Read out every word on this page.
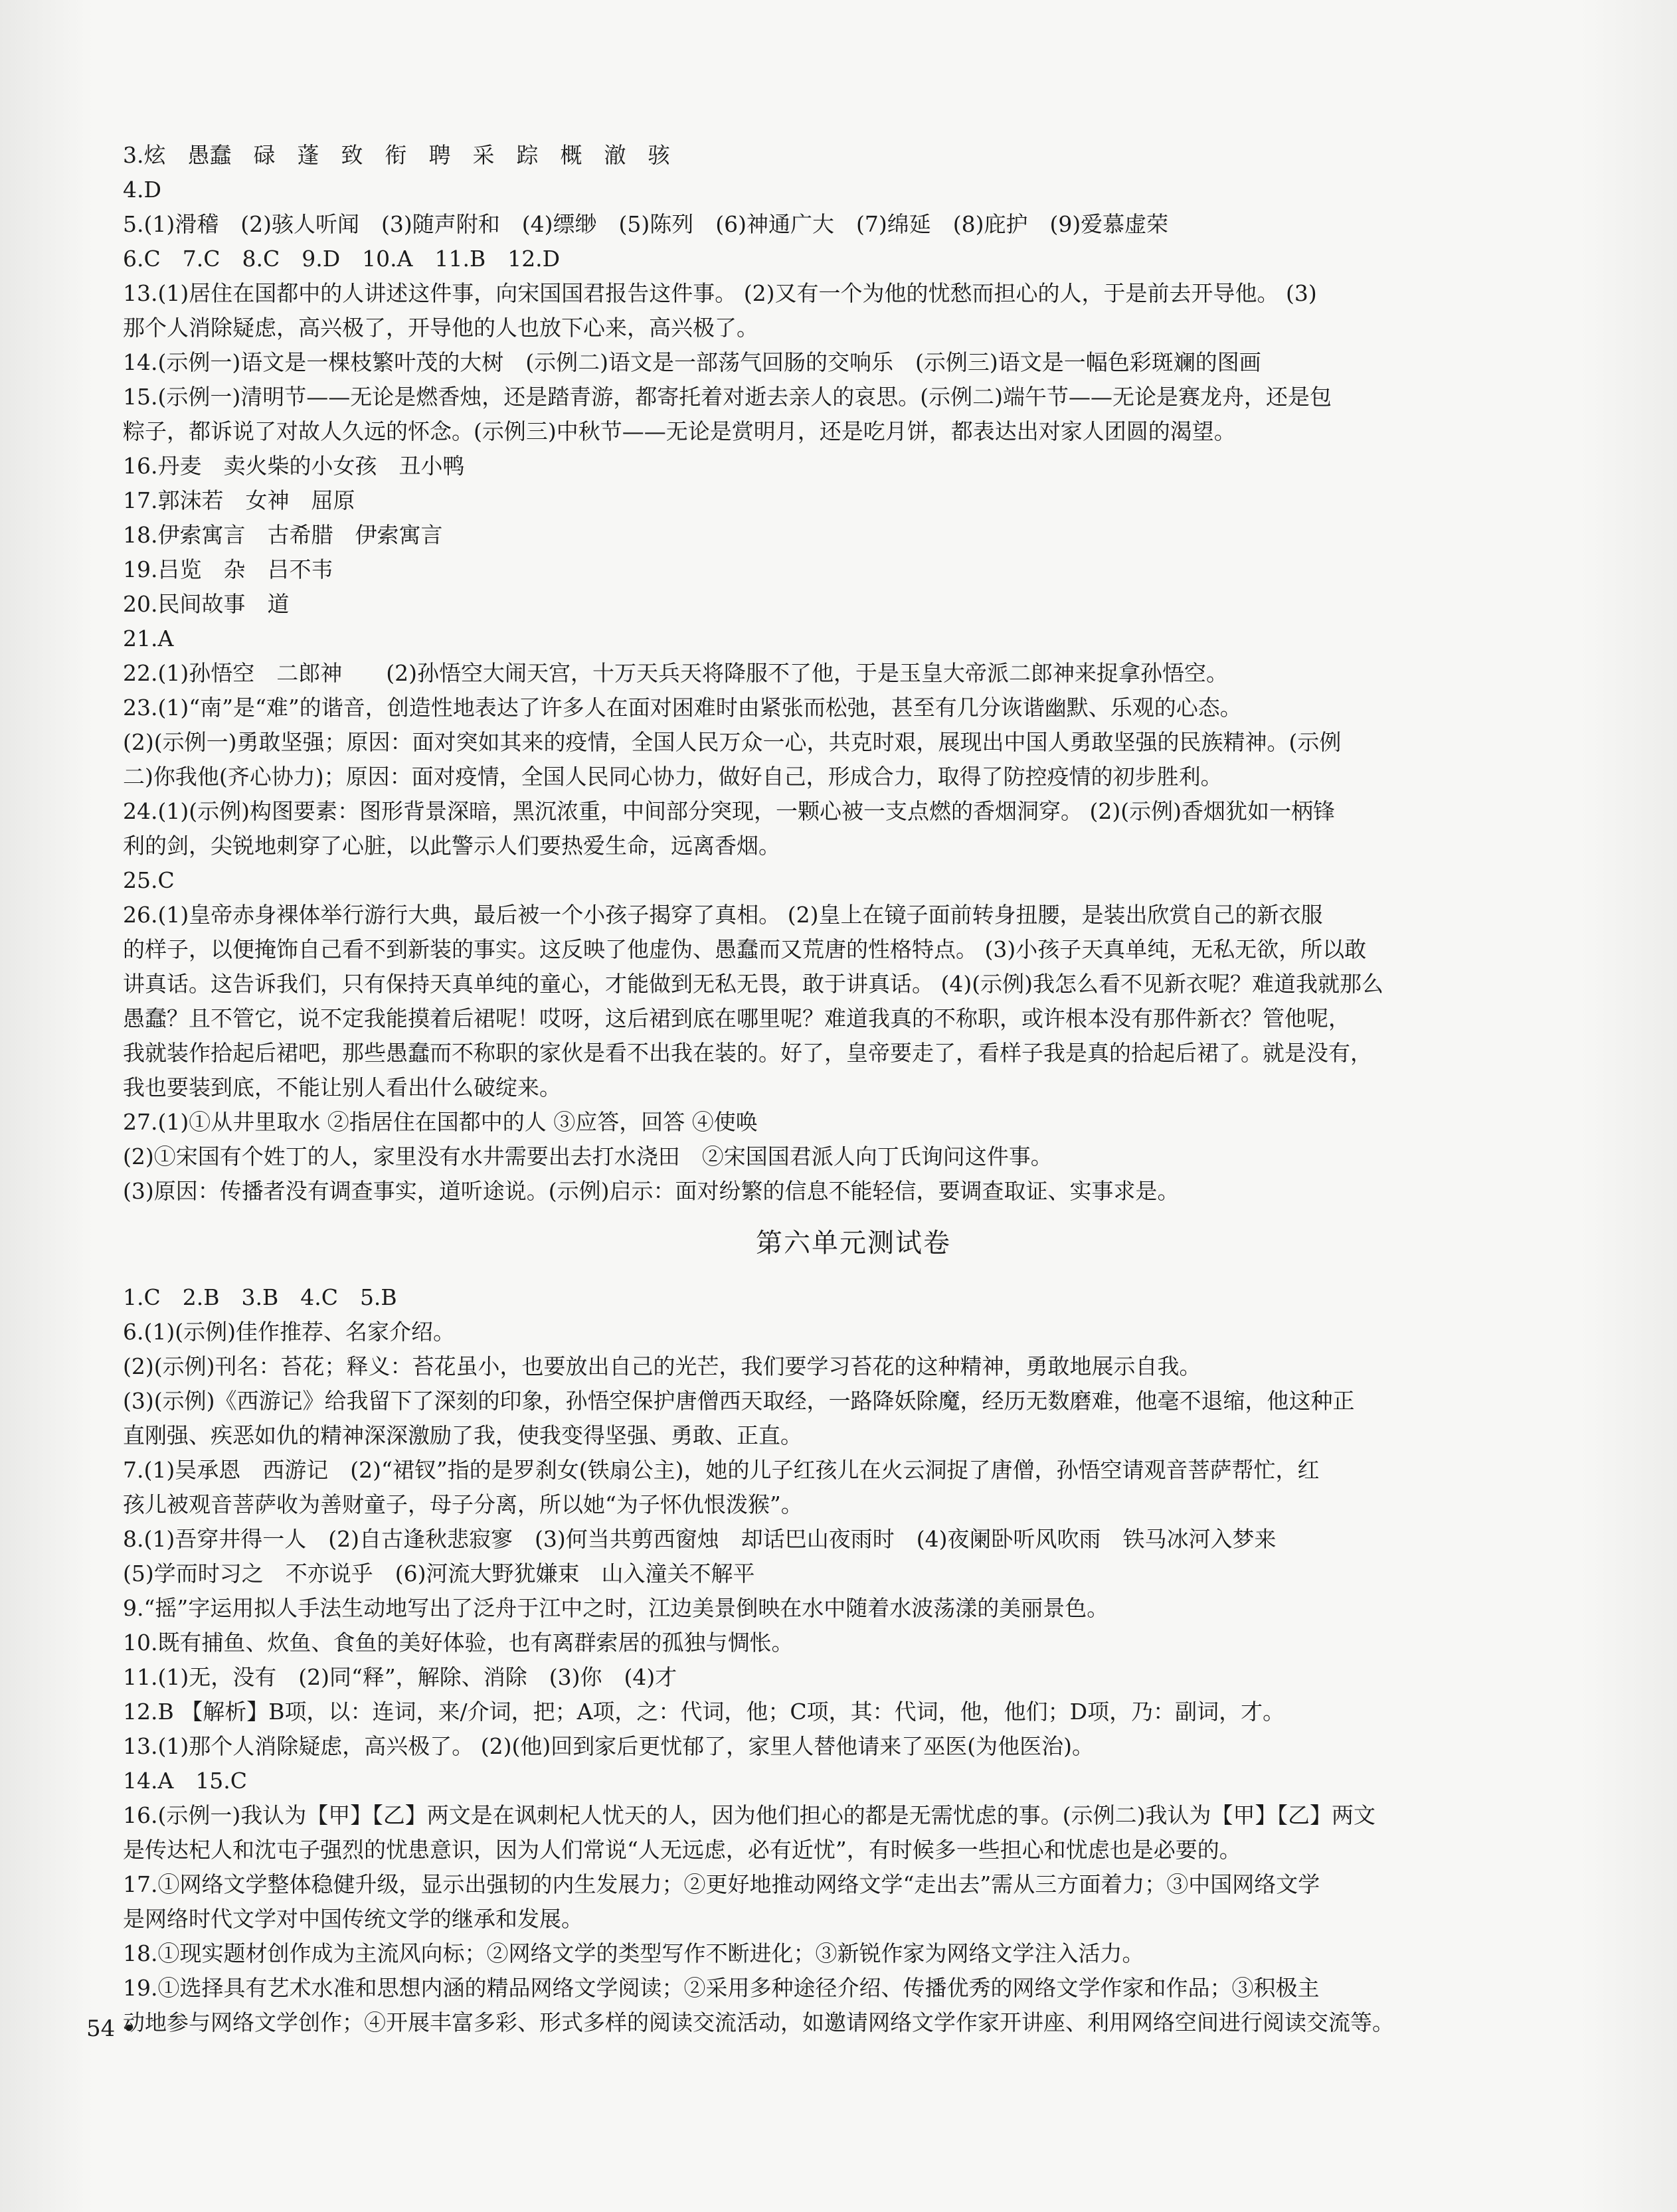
3.炫　愚蠢　碌　蓬　致　衔　聘　采　踪　概　澈　骇
4.D
5.(1)滑稽　(2)骇人听闻　(3)随声附和　(4)缥缈　(5)陈列　(6)神通广大　(7)绵延　(8)庇护　(9)爱慕虚荣
6.C　7.C　8.C　9.D　10.A　11.B　12.D
13.(1)居住在国都中的人讲述这件事，向宋国国君报告这件事。 (2)又有一个为他的忧愁而担心的人，于是前去开导他。 (3)
那个人消除疑虑，高兴极了，开导他的人也放下心来，高兴极了。
14.(示例一)语文是一棵枝繁叶茂的大树　(示例二)语文是一部荡气回肠的交响乐　(示例三)语文是一幅色彩斑斓的图画
15.(示例一)清明节——无论是燃香烛，还是踏青游，都寄托着对逝去亲人的哀思。(示例二)端午节——无论是赛龙舟，还是包
粽子，都诉说了对故人久远的怀念。(示例三)中秋节——无论是赏明月，还是吃月饼，都表达出对家人团圆的渴望。
16.丹麦　卖火柴的小女孩　丑小鸭
17.郭沫若　女神　屈原
18.伊索寓言　古希腊　伊索寓言
19.吕览　杂　吕不韦
20.民间故事　道
21.A
22.(1)孙悟空　二郎神　　(2)孙悟空大闹天宫，十万天兵天将降服不了他，于是玉皇大帝派二郎神来捉拿孙悟空。
23.(1)“南”是“难”的谐音，创造性地表达了许多人在面对困难时由紧张而松弛，甚至有几分诙谐幽默、乐观的心态。
(2)(示例一)勇敢坚强；原因：面对突如其来的疫情，全国人民万众一心，共克时艰，展现出中国人勇敢坚强的民族精神。(示例
二)你我他(齐心协力)；原因：面对疫情，全国人民同心协力，做好自己，形成合力，取得了防控疫情的初步胜利。
24.(1)(示例)构图要素：图形背景深暗，黑沉浓重，中间部分突现，一颗心被一支点燃的香烟洞穿。 (2)(示例)香烟犹如一柄锋
利的剑，尖锐地刺穿了心脏，以此警示人们要热爱生命，远离香烟。
25.C
26.(1)皇帝赤身裸体举行游行大典，最后被一个小孩子揭穿了真相。 (2)皇上在镜子面前转身扭腰，是装出欣赏自己的新衣服
的样子，以便掩饰自己看不到新装的事实。这反映了他虚伪、愚蠢而又荒唐的性格特点。 (3)小孩子天真单纯，无私无欲，所以敢
讲真话。这告诉我们，只有保持天真单纯的童心，才能做到无私无畏，敢于讲真话。 (4)(示例)我怎么看不见新衣呢？难道我就那么
愚蠢？且不管它，说不定我能摸着后裙呢！哎呀，这后裙到底在哪里呢？难道我真的不称职，或许根本没有那件新衣？管他呢，
我就装作拾起后裙吧，那些愚蠢而不称职的家伙是看不出我在装的。好了，皇帝要走了，看样子我是真的拾起后裙了。就是没有，
我也要装到底，不能让别人看出什么破绽来。
27.(1)①从井里取水 ②指居住在国都中的人 ③应答，回答 ④使唤
(2)①宋国有个姓丁的人，家里没有水井需要出去打水浇田　②宋国国君派人向丁氏询问这件事。
(3)原因：传播者没有调查事实，道听途说。(示例)启示：面对纷繁的信息不能轻信，要调查取证、实事求是。
第六单元测试卷
1.C　2.B　3.B　4.C　5.B
6.(1)(示例)佳作推荐、名家介绍。
(2)(示例)刊名：苔花；释义：苔花虽小，也要放出自己的光芒，我们要学习苔花的这种精神，勇敢地展示自我。
(3)(示例)《西游记》给我留下了深刻的印象，孙悟空保护唐僧西天取经，一路降妖除魔，经历无数磨难，他毫不退缩，他这种正
直刚强、疾恶如仇的精神深深激励了我，使我变得坚强、勇敢、正直。
7.(1)吴承恩　西游记　(2)“裙钗”指的是罗刹女(铁扇公主)，她的儿子红孩儿在火云洞捉了唐僧，孙悟空请观音菩萨帮忙，红
孩儿被观音菩萨收为善财童子，母子分离，所以她“为子怀仇恨泼猴”。
8.(1)吾穿井得一人　(2)自古逢秋悲寂寥　(3)何当共剪西窗烛　却话巴山夜雨时　(4)夜阑卧听风吹雨　铁马冰河入梦来
(5)学而时习之　不亦说乎　(6)河流大野犹嫌束　山入潼关不解平
9.“摇”字运用拟人手法生动地写出了泛舟于江中之时，江边美景倒映在水中随着水波荡漾的美丽景色。
10.既有捕鱼、炊鱼、食鱼的美好体验，也有离群索居的孤独与惆怅。
11.(1)无，没有　(2)同“释”，解除、消除　(3)你　(4)才
12.B 【解析】B项，以：连词，来/介词，把；A项，之：代词，他；C项，其：代词，他，他们；D项，乃：副词，才。
13.(1)那个人消除疑虑，高兴极了。 (2)(他)回到家后更忧郁了，家里人替他请来了巫医(为他医治)。
14.A　15.C
16.(示例一)我认为【甲】【乙】两文是在讽刺杞人忧天的人，因为他们担心的都是无需忧虑的事。(示例二)我认为【甲】【乙】两文
是传达杞人和沈屯子强烈的忧患意识，因为人们常说“人无远虑，必有近忧”，有时候多一些担心和忧虑也是必要的。
17.①网络文学整体稳健升级，显示出强韧的内生发展力；②更好地推动网络文学“走出去”需从三方面着力；③中国网络文学
是网络时代文学对中国传统文学的继承和发展。
18.①现实题材创作成为主流风向标；②网络文学的类型写作不断进化；③新锐作家为网络文学注入活力。
19.①选择具有艺术水准和思想内涵的精品网络文学阅读；②采用多种途径介绍、传播优秀的网络文学作家和作品；③积极主
动地参与网络文学创作；④开展丰富多彩、形式多样的阅读交流活动，如邀请网络文学作家开讲座、利用网络空间进行阅读交流等。
54 •
